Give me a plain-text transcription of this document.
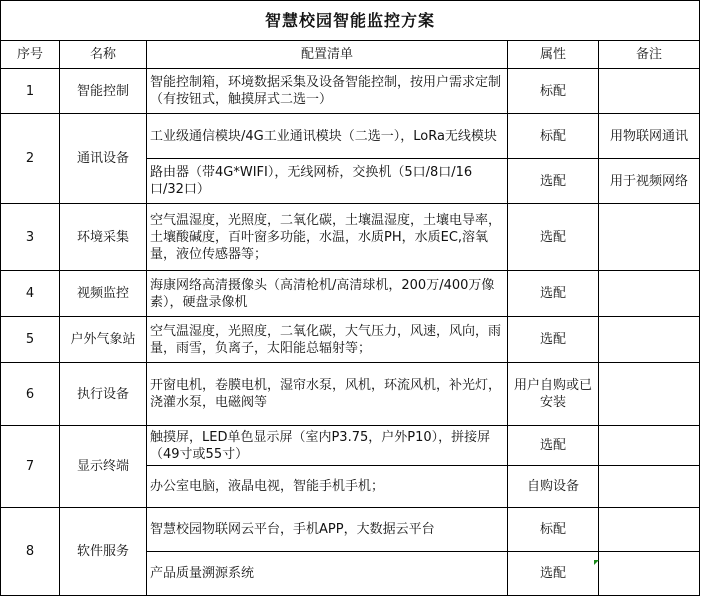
智慧校园智能监控方案				
序号	名称	配置清单	属性	备注
1	智能控制	智能控制箱，环境数据采集及设备智能控制，按用户需求定制（有按钮式，触摸屏式二选一）	标配	
2	通讯设备	工业级通信模块/4G工业通讯模块（二选一），LoRa无线模块	标配	用物联网通讯
		路由器（带4G*WIFI），无线网桥，交换机（5口/8口/16口/32口）	选配	用于视频网络
3	环境采集	空气温湿度，光照度，二氧化碳，土壤温湿度，土壤电导率，土壤酸碱度，百叶窗多功能，水温，水质PH，水质EC,溶氧量，液位传感器等；	选配	
4	视频监控	海康网络高清摄像头（高清枪机/高清球机，200万/400万像素），硬盘录像机	选配	
5	户外气象站	空气温湿度，光照度，二氧化碳，大气压力，风速，风向，雨量，雨雪，负离子，太阳能总辐射等；	选配	
6	执行设备	开窗电机，卷膜电机，湿帘水泵，风机，环流风机，补光灯，浇灌水泵，电磁阀等	用户自购或已安装	
7	显示终端	触摸屏，LED单色显示屏（室内P3.75，户外P10），拼接屏（49寸或55寸）	选配	
		办公室电脑，液晶电视，智能手机手机；	自购设备	
8	软件服务	智慧校园物联网云平台，手机APP，大数据云平台	标配	
		产品质量溯源系统	选配	
